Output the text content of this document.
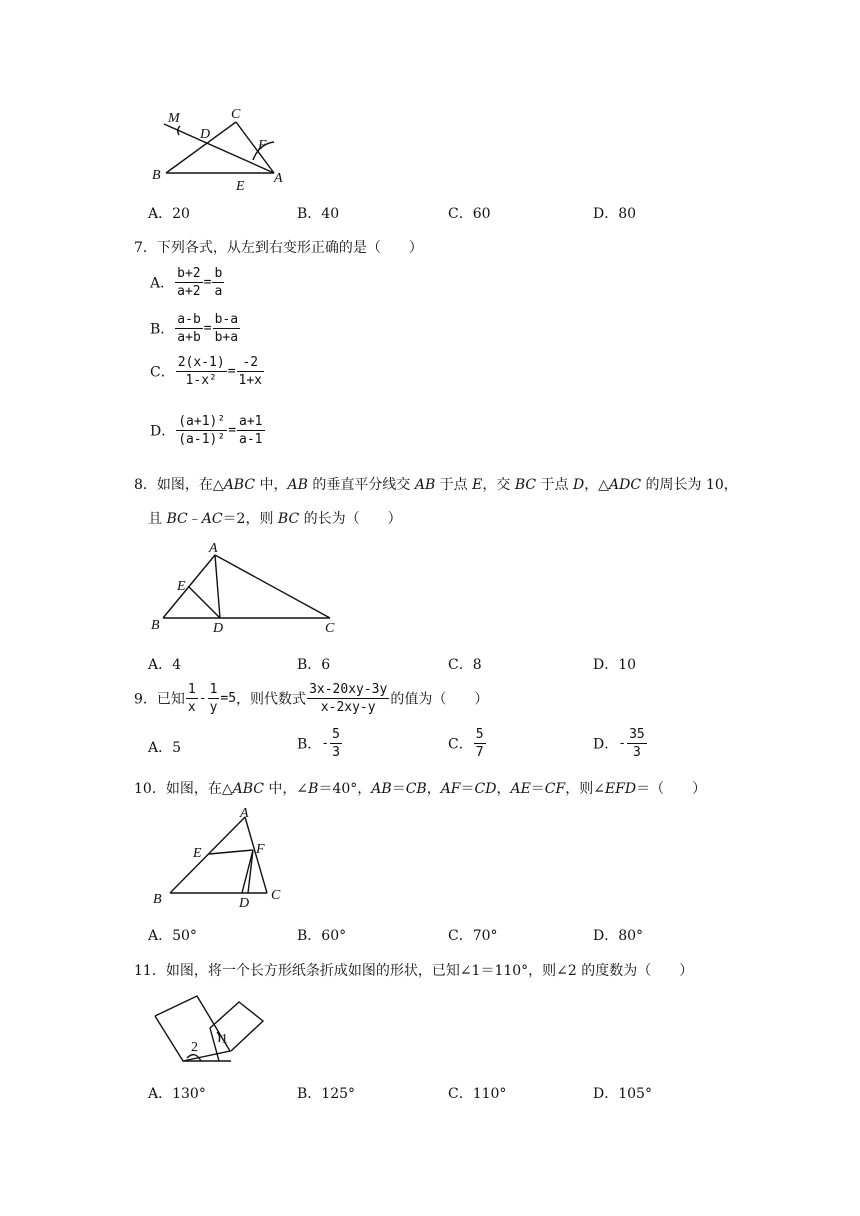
M	C
D
F
B
E
A
A．20	B．40	C．60	D．80
7．下列各式，从左到右变形正确的是（　　）
A． $\frac{b+2}{a+2} = \frac{b}{a}$
B． $\frac{a-b}{a+b} = \frac{b-a}{b+a}$
C． $\frac{2(x-1)}{\text{1-x²}} = \frac{-2}{1+x}$
D． $\frac{\text{(a+1)²}}{\text{(a-1)²}} = \frac{a+1}{a-1}$
8．如图，在△ABC 中，AB 的垂直平分线交 AB 于点 E，交 BC 于点 D，△ADC 的周长为 10，
且 BC﹣AC＝2，则 BC 的长为（　　）
A
E
B	D	C
A．4	B．6	C．8	D．10
9．已知 $\frac{1}{x} - \frac{1}{y} =5$，则代数式 $\frac{3x-20xy-3y}{x-2xy-y}$ 的值为（　　）
A．5	B．- $\frac{5}{3}$	C． $\frac{5}{7}$	D．- $\frac{35}{3}$
10．如图，在△ABC 中，∠B＝40°，AB＝CB，AF＝CD，AE＝CF，则∠EFD＝（　　）
A
E	F
B	D
C
A．50°	B．60°	C．70°	D．80°
11．如图，将一个长方形纸条折成如图的形状，已知∠1＝110°，则∠2 的度数为（　　）
1
2
A．130°	B．125°	C．110°	D．105°
